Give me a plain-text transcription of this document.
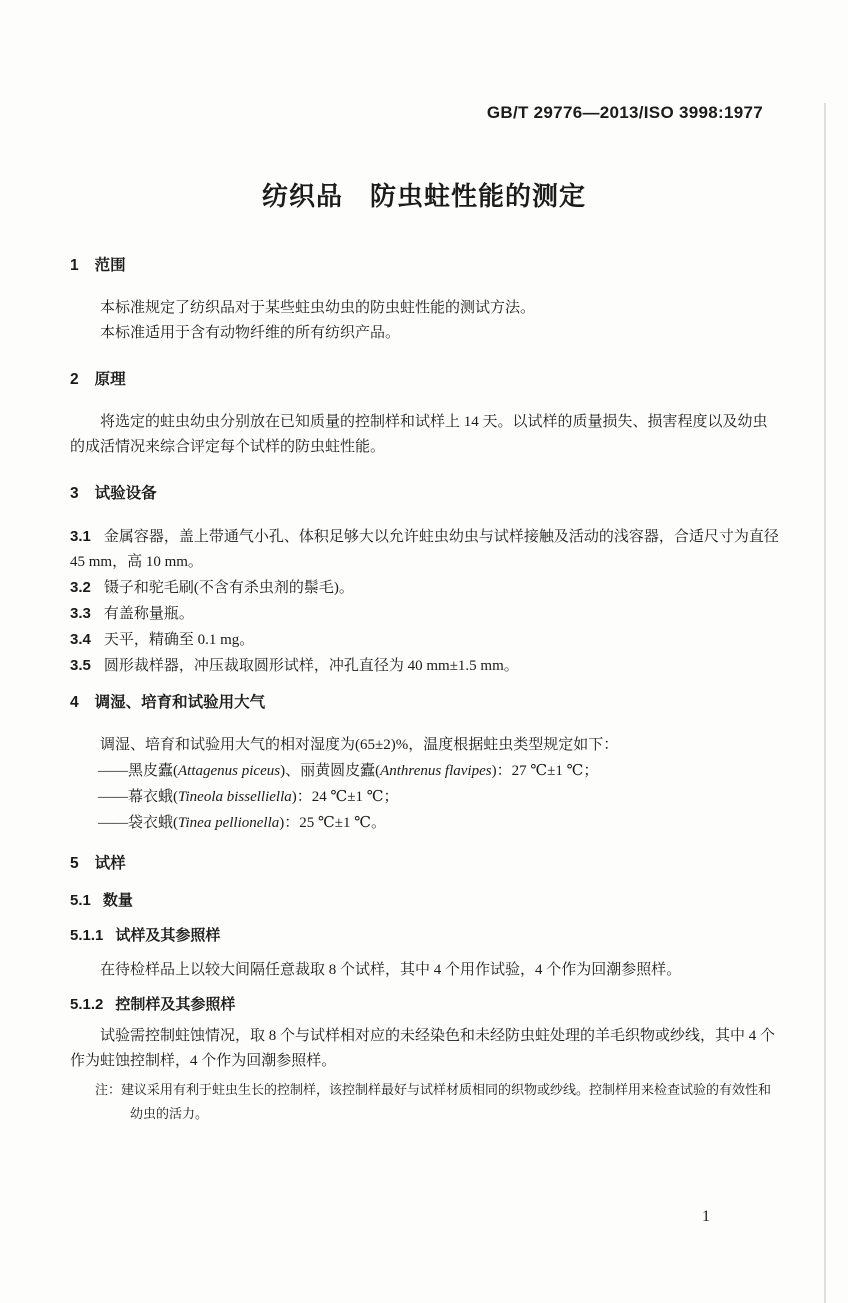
GB/T 29776—2013/ISO 3998:1977
纺织品　防虫蛀性能的测定
1 范围

本标准规定了纺织品对于某些蛀虫幼虫的防虫蛀性能的测试方法。

本标准适用于含有动物纤维的所有纺织产品。

2 原理

将选定的蛀虫幼虫分别放在已知质量的控制样和试样上 14 天。以试样的质量损失、损害程度以及幼虫的成活情况来综合评定每个试样的防虫蛀性能。

3 试验设备
3.1 金属容器，盖上带通气小孔、体积足够大以允许蛀虫幼虫与试样接触及活动的浅容器，合适尺寸为直径 45 mm，高 10 mm。
3.2 镊子和驼毛刷(不含有杀虫剂的鬃毛)。
3.3 有盖称量瓶。
3.4 天平，精确至 0.1 mg。
3.5 圆形裁样器，冲压裁取圆形试样，冲孔直径为 40 mm±1.5 mm。
4 调湿、培育和试验用大气

调湿、培育和试验用大气的相对湿度为(65±2)%，温度根据蛀虫类型规定如下：

——黑皮蠹(Attagenus piceus)、丽黄圆皮蠹(Anthrenus flavipes)：27 ℃±1 ℃；
——幕衣蛾(Tineola bisselliella)：24 ℃±1 ℃；
——袋衣蛾(Tinea pellionella)：25 ℃±1 ℃。
5 试样
5.1 数量
5.1.1 试样及其参照样

在待检样品上以较大间隔任意裁取 8 个试样，其中 4 个用作试验，4 个作为回潮参照样。

5.1.2 控制样及其参照样

试验需控制蛀蚀情况，取 8 个与试样相对应的未经染色和未经防虫蛀处理的羊毛织物或纱线，其中 4 个作为蛀蚀控制样，4 个作为回潮参照样。

注：建议采用有利于蛀虫生长的控制样，该控制样最好与试样材质相同的织物或纱线。控制样用来检查试验的有效性和幼虫的活力。
1
